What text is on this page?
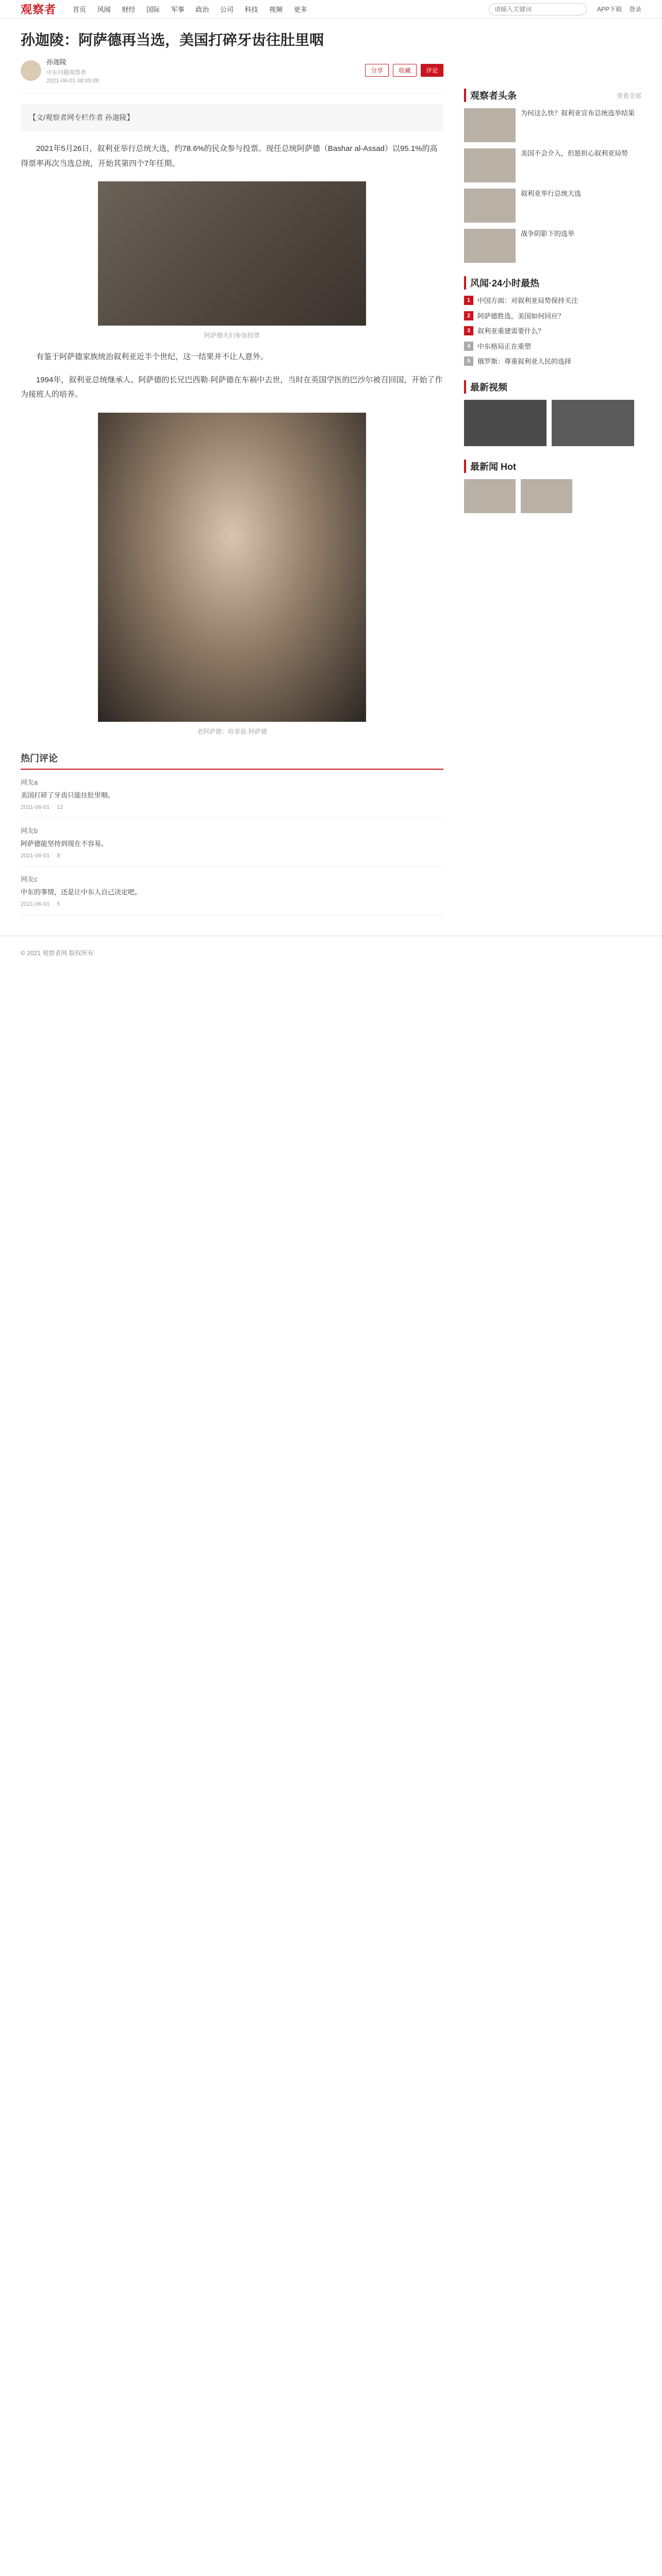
观察者 首页 风闻 财经 国际 军事 政治 公司 科技 视频 更多
请输入关键词	APP下载 登录
孙迦陵：阿萨德再当选，美国打碎牙齿往肚里咽
孙迦陵
中东问题观察者
2021-06-01 08:05:08
分享	收藏	评论
【文/观察者网专栏作者 孙迦陵】

2021年5月26日，叙利亚举行总统大选，约78.6%的民众参与投票。现任总统阿萨德（Bashar al-Assad）以95.1%的高得票率再次当选总统，开始其第四个7年任期。

阿萨德夫妇参加投票

有鉴于阿萨德家族统治叙利亚近半个世纪，这一结果并不让人意外。

1994年，叙利亚总统继承人、阿萨德的长兄巴西勒·阿萨德在车祸中去世，当时在英国学医的巴沙尔被召回国，开始了作为接班人的培养。

老阿萨德：哈菲兹·阿萨德

热门评论
网友a
美国打碎了牙齿只能往肚里咽。
2021-06-01 12
网友b
阿萨德能坚持到现在不容易。
2021-06-01 8
网友c
中东的事情，还是让中东人自己决定吧。
2021-06-01 5
观察者头条	查看全部

为何这么快？叙利亚宣布总统选举结果

美国不会介入，但愿担心叙利亚局势

叙利亚举行总统大选

战争阴影下的选举

风闻·24小时最热
1	中国方面：对叙利亚局势保持关注
2	阿萨德胜选，美国如何回应？
3	叙利亚重建需要什么？
4	中东格局正在重塑
5	俄罗斯：尊重叙利亚人民的选择
最新视频
最新闻 Hot
© 2021 观察者网 版权所有
